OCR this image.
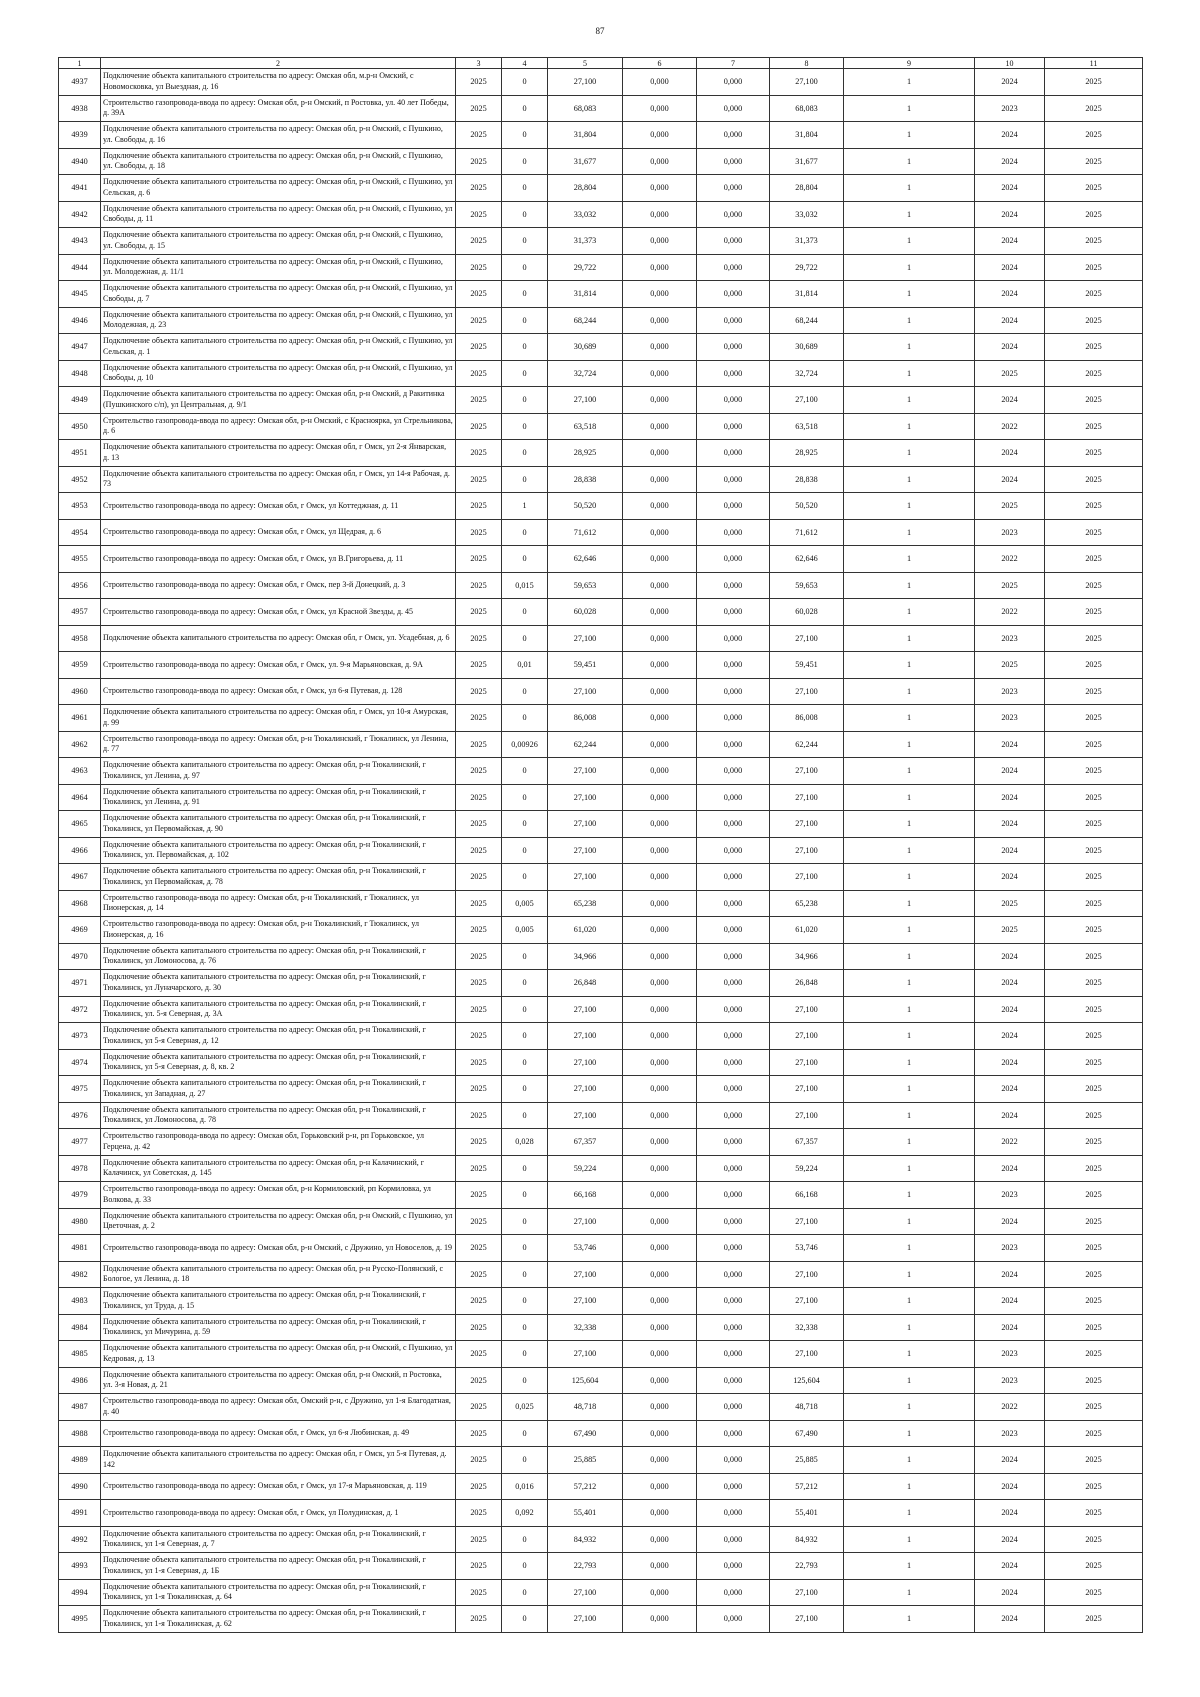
87
1	2	3	4	5	6	7	8	9	10	11
4937	Подключение объекта капитального строительства по адресу: Омская обл, м.р-н Омский, с Новомосковка, ул Выездная, д. 16	2025	0	27,100	0,000	0,000	27,100	1	2024	2025
4938	Строительство газопровода-ввода по адресу: Омская обл, р-н Омский, п Ростовка, ул. 40 лет Победы, д. 39А	2025	0	68,083	0,000	0,000	68,083	1	2023	2025
4939	Подключение объекта капитального строительства по адресу: Омская обл, р-н Омский, с Пушкино, ул. Свободы, д. 16	2025	0	31,804	0,000	0,000	31,804	1	2024	2025
4940	Подключение объекта капитального строительства по адресу: Омская обл, р-н Омский, с Пушкино, ул. Свободы, д. 18	2025	0	31,677	0,000	0,000	31,677	1	2024	2025
4941	Подключение объекта капитального строительства по адресу: Омская обл, р-н Омский, с Пушкино, ул Сельская, д. 6	2025	0	28,804	0,000	0,000	28,804	1	2024	2025
4942	Подключение объекта капитального строительства по адресу: Омская обл, р-н Омский, с Пушкино, ул Свободы, д. 11	2025	0	33,032	0,000	0,000	33,032	1	2024	2025
4943	Подключение объекта капитального строительства по адресу: Омская обл, р-н Омский, с Пушкино, ул. Свободы, д. 15	2025	0	31,373	0,000	0,000	31,373	1	2024	2025
4944	Подключение объекта капитального строительства по адресу: Омская обл, р-н Омский, с Пушкино, ул. Молодежная, д. 11/1	2025	0	29,722	0,000	0,000	29,722	1	2024	2025
4945	Подключение объекта капитального строительства по адресу: Омская обл, р-н Омский, с Пушкино, ул Свободы, д. 7	2025	0	31,814	0,000	0,000	31,814	1	2024	2025
4946	Подключение объекта капитального строительства по адресу: Омская обл, р-н Омский, с Пушкино, ул Молодежная, д. 23	2025	0	68,244	0,000	0,000	68,244	1	2024	2025
4947	Подключение объекта капитального строительства по адресу: Омская обл, р-н Омский, с Пушкино, ул Сельская, д. 1	2025	0	30,689	0,000	0,000	30,689	1	2024	2025
4948	Подключение объекта капитального строительства по адресу: Омская обл, р-н Омский, с Пушкино, ул Свободы, д. 10	2025	0	32,724	0,000	0,000	32,724	1	2025	2025
4949	Подключение объекта капитального строительства по адресу: Омская обл, р-н Омский, д Ракитинка (Пушкинского с/п), ул Центральная, д. 9/1	2025	0	27,100	0,000	0,000	27,100	1	2024	2025
4950	Строительство газопровода-ввода по адресу: Омская обл, р-н Омский, с Красноярка, ул Стрельникова, д. 6	2025	0	63,518	0,000	0,000	63,518	1	2022	2025
4951	Подключение объекта капитального строительства по адресу: Омская обл, г Омск, ул 2-я Январская, д. 13	2025	0	28,925	0,000	0,000	28,925	1	2024	2025
4952	Подключение объекта капитального строительства по адресу: Омская обл, г Омск, ул 14-я Рабочая, д. 73	2025	0	28,838	0,000	0,000	28,838	1	2024	2025
4953	Строительство газопровода-ввода по адресу: Омская обл, г Омск, ул Коттеджная, д. 11	2025	1	50,520	0,000	0,000	50,520	1	2025	2025
4954	Строительство газопровода-ввода по адресу: Омская обл, г Омск, ул Щедрая, д. 6	2025	0	71,612	0,000	0,000	71,612	1	2023	2025
4955	Строительство газопровода-ввода по адресу: Омская обл, г Омск, ул В.Григорьева, д. 11	2025	0	62,646	0,000	0,000	62,646	1	2022	2025
4956	Строительство газопровода-ввода по адресу: Омская обл, г Омск, пер 3-й Донецкий, д. 3	2025	0,015	59,653	0,000	0,000	59,653	1	2025	2025
4957	Строительство газопровода-ввода по адресу: Омская обл, г Омск, ул Красной Звезды, д. 45	2025	0	60,028	0,000	0,000	60,028	1	2022	2025
4958	Подключение объекта капитального строительства по адресу: Омская обл, г Омск, ул. Усадебная, д. 6	2025	0	27,100	0,000	0,000	27,100	1	2023	2025
4959	Строительство газопровода-ввода по адресу: Омская обл, г Омск, ул. 9-я Марьяновская, д. 9А	2025	0,01	59,451	0,000	0,000	59,451	1	2025	2025
4960	Строительство газопровода-ввода по адресу: Омская обл, г Омск, ул 6-я Путевая, д. 128	2025	0	27,100	0,000	0,000	27,100	1	2023	2025
4961	Подключение объекта капитального строительства по адресу: Омская обл, г Омск, ул 10-я Амурская, д. 99	2025	0	86,008	0,000	0,000	86,008	1	2023	2025
4962	Строительство газопровода-ввода по адресу: Омская обл, р-н Тюкалинский, г Тюкалинск, ул Ленина, д. 77	2025	0,00926	62,244	0,000	0,000	62,244	1	2024	2025
4963	Подключение объекта капитального строительства по адресу: Омская обл, р-н Тюкалинский, г Тюкалинск, ул Ленина, д. 97	2025	0	27,100	0,000	0,000	27,100	1	2024	2025
4964	Подключение объекта капитального строительства по адресу: Омская обл, р-н Тюкалинский, г Тюкалинск, ул Ленина, д. 91	2025	0	27,100	0,000	0,000	27,100	1	2024	2025
4965	Подключение объекта капитального строительства по адресу: Омская обл, р-н Тюкалинский, г Тюкалинск, ул Первомайская, д. 90	2025	0	27,100	0,000	0,000	27,100	1	2024	2025
4966	Подключение объекта капитального строительства по адресу: Омская обл, р-н Тюкалинский, г Тюкалинск, ул. Первомайская, д. 102	2025	0	27,100	0,000	0,000	27,100	1	2024	2025
4967	Подключение объекта капитального строительства по адресу: Омская обл, р-н Тюкалинский, г Тюкалинск, ул Первомайская, д. 78	2025	0	27,100	0,000	0,000	27,100	1	2024	2025
4968	Строительство газопровода-ввода по адресу: Омская обл, р-н Тюкалинский, г Тюкалинск, ул Пионерская, д. 14	2025	0,005	65,238	0,000	0,000	65,238	1	2025	2025
4969	Строительство газопровода-ввода по адресу: Омская обл, р-н Тюкалинский, г Тюкалинск, ул Пионерская, д. 16	2025	0,005	61,020	0,000	0,000	61,020	1	2025	2025
4970	Подключение объекта капитального строительства по адресу: Омская обл, р-н Тюкалинский, г Тюкалинск, ул Ломоносова, д. 76	2025	0	34,966	0,000	0,000	34,966	1	2024	2025
4971	Подключение объекта капитального строительства по адресу: Омская обл, р-н Тюкалинский, г Тюкалинск, ул Луначарского, д. 30	2025	0	26,848	0,000	0,000	26,848	1	2024	2025
4972	Подключение объекта капитального строительства по адресу: Омская обл, р-н Тюкалинский, г Тюкалинск, ул. 5-я Северная, д. 3А	2025	0	27,100	0,000	0,000	27,100	1	2024	2025
4973	Подключение объекта капитального строительства по адресу: Омская обл, р-н Тюкалинский, г Тюкалинск, ул 5-я Северная, д. 12	2025	0	27,100	0,000	0,000	27,100	1	2024	2025
4974	Подключение объекта капитального строительства по адресу: Омская обл, р-н Тюкалинский, г Тюкалинск, ул 5-я Северная, д. 8, кв. 2	2025	0	27,100	0,000	0,000	27,100	1	2024	2025
4975	Подключение объекта капитального строительства по адресу: Омская обл, р-н Тюкалинский, г Тюкалинск, ул Западная, д. 27	2025	0	27,100	0,000	0,000	27,100	1	2024	2025
4976	Подключение объекта капитального строительства по адресу: Омская обл, р-н Тюкалинский, г Тюкалинск, ул Ломоносова, д. 78	2025	0	27,100	0,000	0,000	27,100	1	2024	2025
4977	Строительство газопровода-ввода по адресу: Омская обл, Горьковский р-н, рп Горьковское, ул Герцена, д. 42	2025	0,028	67,357	0,000	0,000	67,357	1	2022	2025
4978	Подключение объекта капитального строительства по адресу: Омская обл, р-н Калачинский, г Калачинск, ул Советская, д. 145	2025	0	59,224	0,000	0,000	59,224	1	2024	2025
4979	Строительство газопровода-ввода по адресу: Омская обл, р-н Кормиловский, рп Кормиловка, ул Волкова, д. 33	2025	0	66,168	0,000	0,000	66,168	1	2023	2025
4980	Подключение объекта капитального строительства по адресу: Омская обл, р-н Омский, с Пушкино, ул Цветочная, д. 2	2025	0	27,100	0,000	0,000	27,100	1	2024	2025
4981	Строительство газопровода-ввода по адресу: Омская обл, р-н Омский, с Дружино, ул Новоселов, д. 19	2025	0	53,746	0,000	0,000	53,746	1	2023	2025
4982	Подключение объекта капитального строительства по адресу: Омская обл, р-н Русско-Полянский, с Бологое, ул Ленина, д. 18	2025	0	27,100	0,000	0,000	27,100	1	2024	2025
4983	Подключение объекта капитального строительства по адресу: Омская обл, р-н Тюкалинский, г Тюкалинск, ул Труда, д. 15	2025	0	27,100	0,000	0,000	27,100	1	2024	2025
4984	Подключение объекта капитального строительства по адресу: Омская обл, р-н Тюкалинский, г Тюкалинск, ул Мичурина, д. 59	2025	0	32,338	0,000	0,000	32,338	1	2024	2025
4985	Подключение объекта капитального строительства по адресу: Омская обл, р-н Омский, с Пушкино, ул Кедровая, д. 13	2025	0	27,100	0,000	0,000	27,100	1	2023	2025
4986	Подключение объекта капитального строительства по адресу: Омская обл, р-н Омский, п Ростовка, ул. 3-я Новая, д. 21	2025	0	125,604	0,000	0,000	125,604	1	2023	2025
4987	Строительство газопровода-ввода по адресу: Омская обл, Омский р-н, с Дружино, ул 1-я Благодатная, д. 40	2025	0,025	48,718	0,000	0,000	48,718	1	2022	2025
4988	Строительство газопровода-ввода по адресу: Омская обл, г Омск, ул 6-я Любинская, д. 49	2025	0	67,490	0,000	0,000	67,490	1	2023	2025
4989	Подключение объекта капитального строительства по адресу: Омская обл, г Омск, ул 5-я Путевая, д. 142	2025	0	25,885	0,000	0,000	25,885	1	2024	2025
4990	Строительство газопровода-ввода по адресу: Омская обл, г Омск, ул 17-я Марьяновская, д. 119	2025	0,016	57,212	0,000	0,000	57,212	1	2024	2025
4991	Строительство газопровода-ввода по адресу: Омская обл, г Омск, ул Полудинская, д. 1	2025	0,092	55,401	0,000	0,000	55,401	1	2024	2025
4992	Подключение объекта капитального строительства по адресу: Омская обл, р-н Тюкалинский, г Тюкалинск, ул 1-я Северная, д. 7	2025	0	84,932	0,000	0,000	84,932	1	2024	2025
4993	Подключение объекта капитального строительства по адресу: Омская обл, р-н Тюкалинский, г Тюкалинск, ул 1-я Северная, д. 1Б	2025	0	22,793	0,000	0,000	22,793	1	2024	2025
4994	Подключение объекта капитального строительства по адресу: Омская обл, р-н Тюкалинский, г Тюкалинск, ул 1-я Тюкалинская, д. 64	2025	0	27,100	0,000	0,000	27,100	1	2024	2025
4995	Подключение объекта капитального строительства по адресу: Омская обл, р-н Тюкалинский, г Тюкалинск, ул 1-я Тюкалинская, д. 62	2025	0	27,100	0,000	0,000	27,100	1	2024	2025
